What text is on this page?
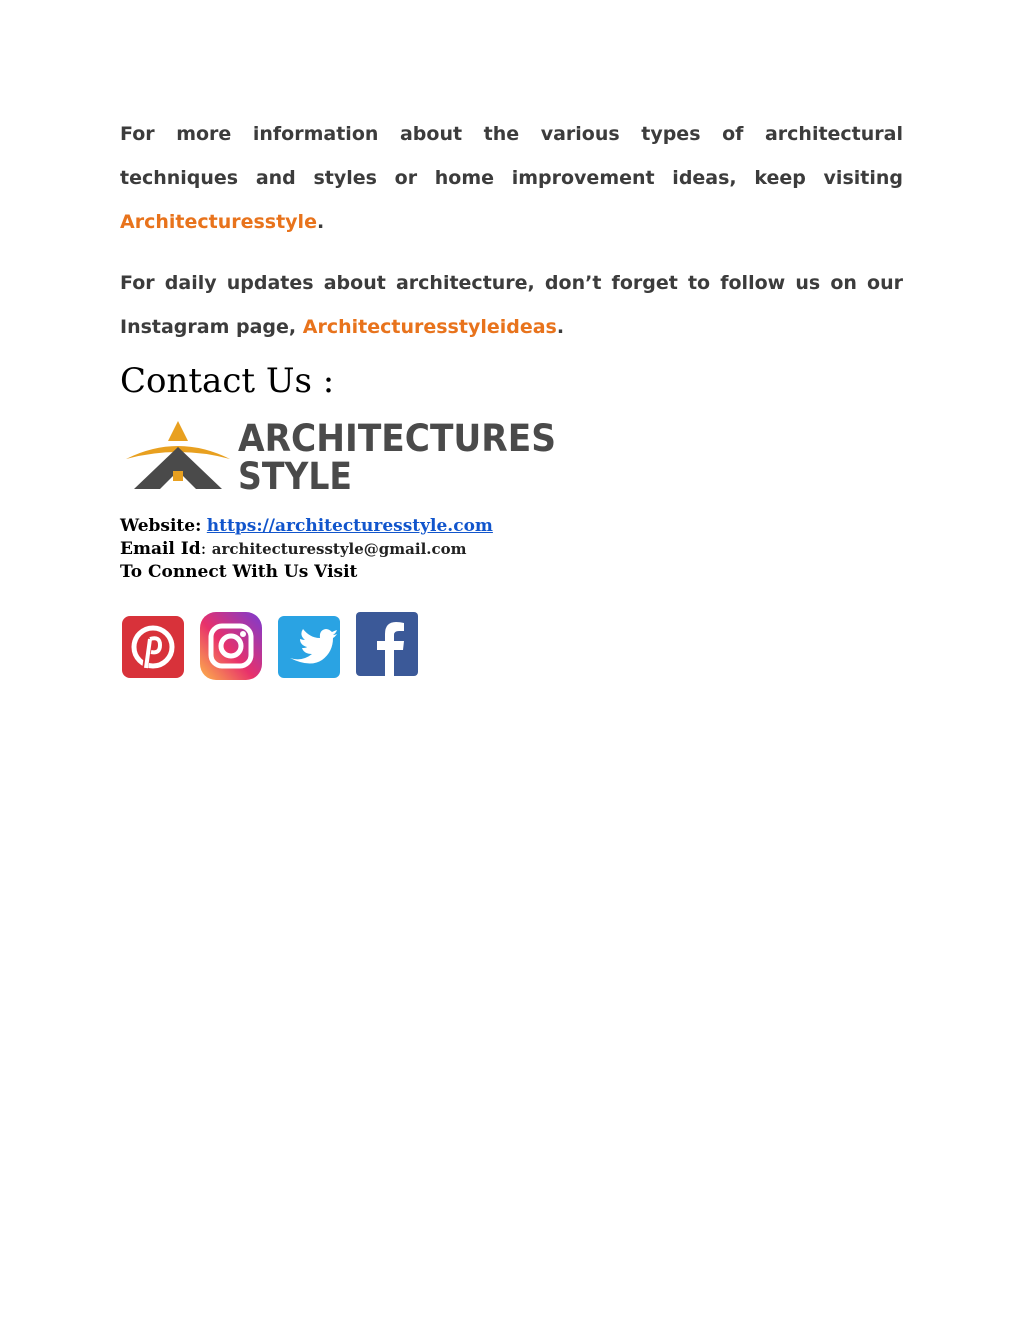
For more information about the various types of architectural techniques and styles or home improvement ideas, keep visiting Architecturesstyle.

For daily updates about architecture, don’t forget to follow us on our Instagram page, Architecturesstyleideas.

Contact Us :
ARCHITECTURES
STYLE
Website: https://architecturesstyle.com
Email Id: architecturesstyle@gmail.com
To Connect With Us Visit
